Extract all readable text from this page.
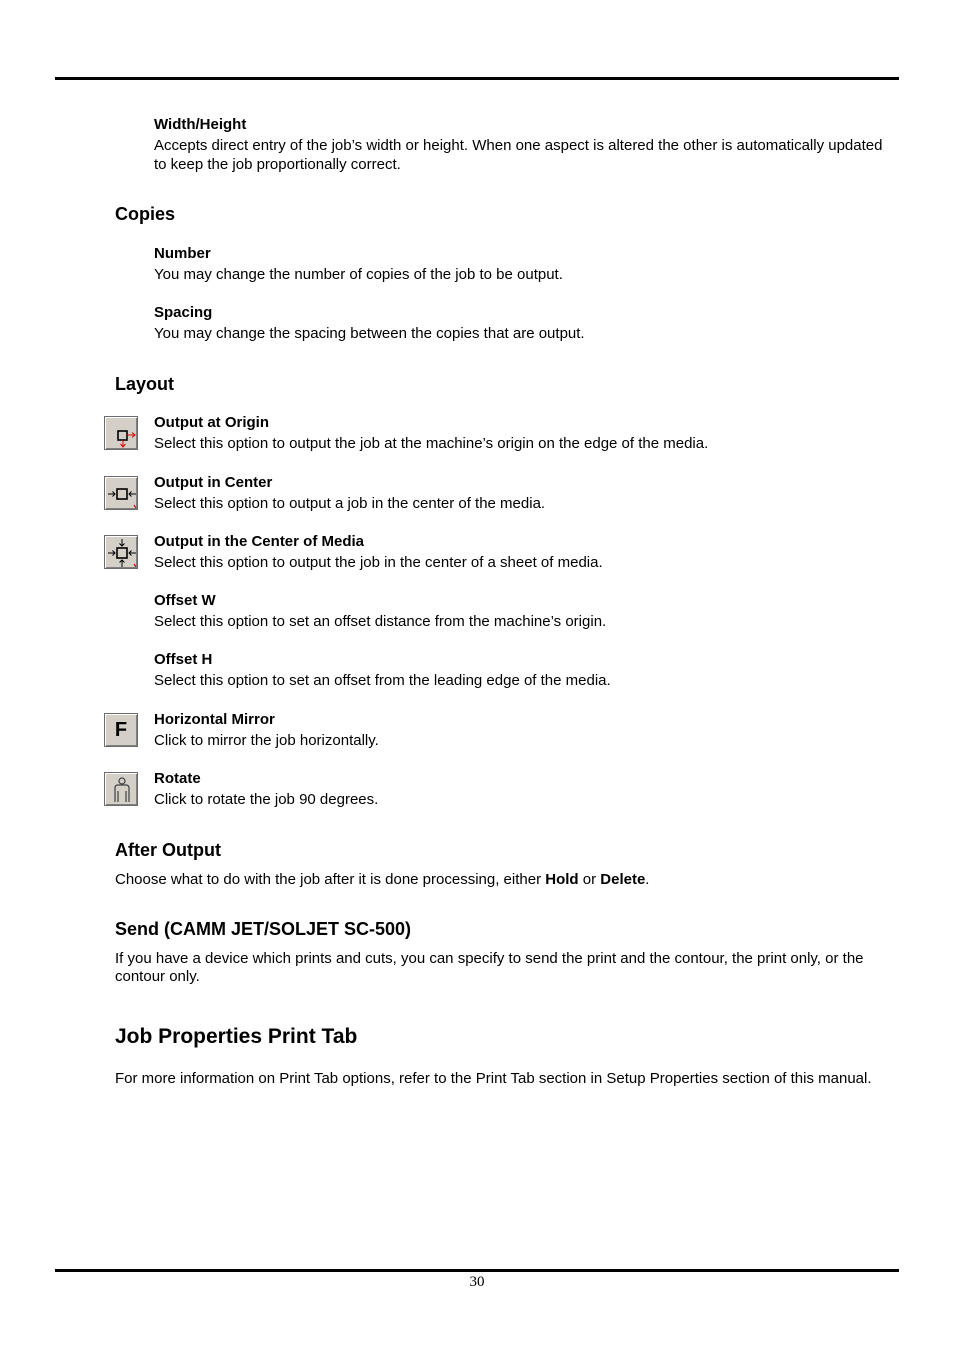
Width/Height
Accepts direct entry of the job’s width or height. When one aspect is altered the other is automatically updated to keep the job proportionally correct.
Copies
Number
You may change the number of copies of the job to be output.
Spacing
You may change the spacing between the copies that are output.
Layout
Output at Origin
Select this option to output the job at the machine’s origin on the edge of the media.
Output in Center
Select this option to output a job in the center of the media.
Output in the Center of Media
Select this option to output the job in the center of a sheet of media.
Offset W
Select this option to set an offset distance from the machine’s origin.
Offset H
Select this option to set an offset from the leading edge of the media.
F	Horizontal Mirror
Click to mirror the job horizontally.
Rotate
Click to rotate the job 90 degrees.
After Output
Choose what to do with the job after it is done processing, either Hold or Delete.
Send (CAMM JET/SOLJET SC-500)
If you have a device which prints and cuts, you can specify to send the print and the contour, the print only, or the contour only.
Job Properties Print Tab
For more information on Print Tab options, refer to the Print Tab section in Setup Properties section of this manual.
30
